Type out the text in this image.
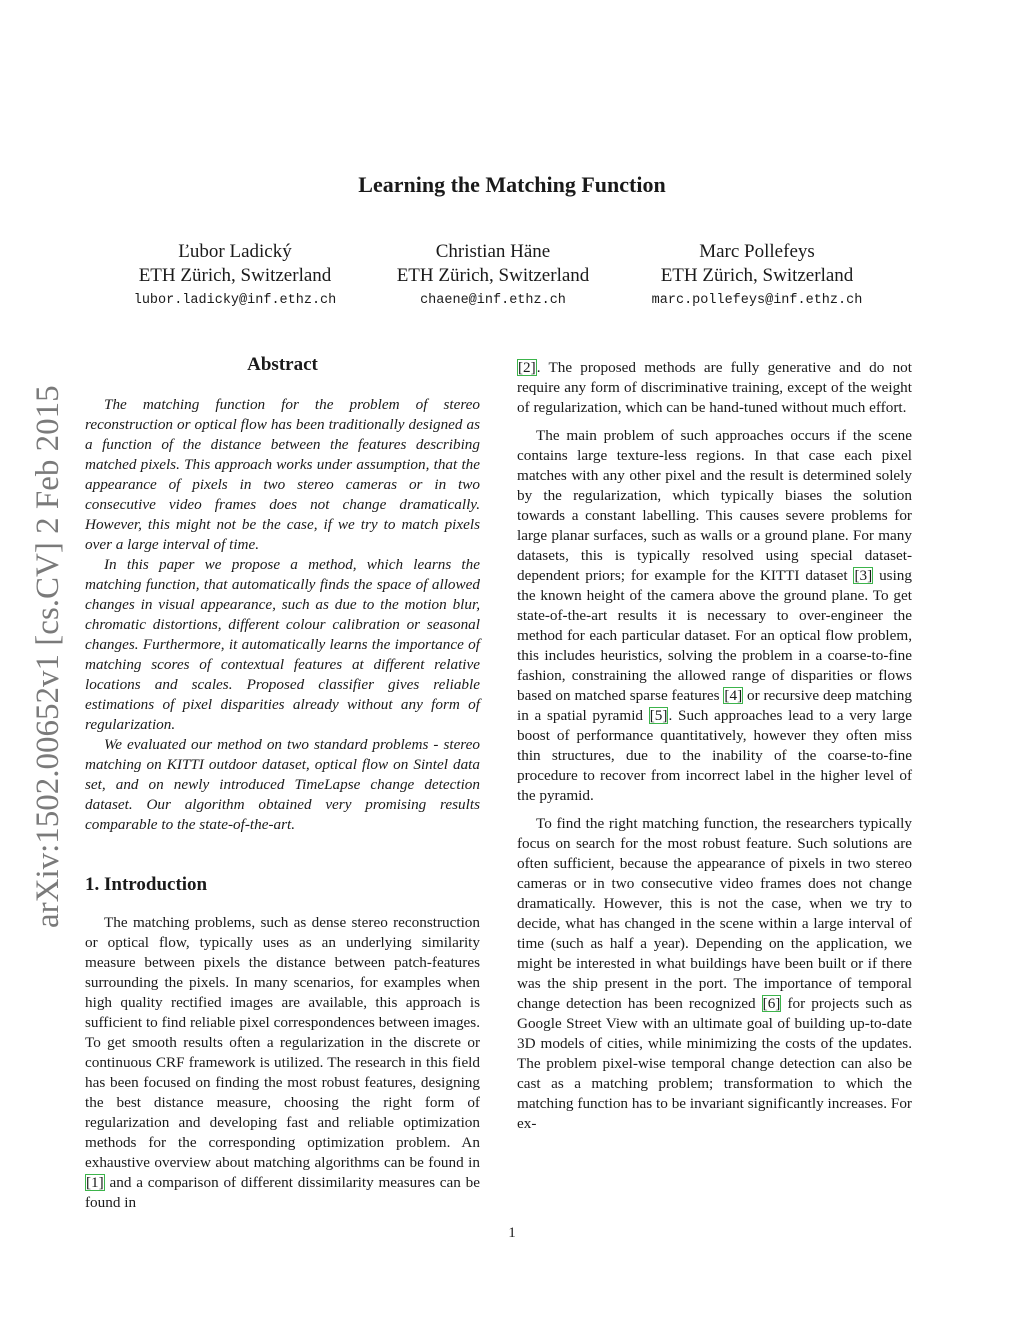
Learning the Matching Function
Ľubor Ladický
ETH Zürich, Switzerland
lubor.ladicky@inf.ethz.ch
Christian Häne
ETH Zürich, Switzerland
chaene@inf.ethz.ch
Marc Pollefeys
ETH Zürich, Switzerland
marc.pollefeys@inf.ethz.ch
arXiv:1502.00652v1 [cs.CV] 2 Feb 2015
Abstract

The matching function for the problem of stereo reconstruction or optical flow has been traditionally designed as a function of the distance between the features describing matched pixels. This approach works under assumption, that the appearance of pixels in two stereo cameras or in two consecutive video frames does not change dramatically. However, this might not be the case, if we try to match pixels over a large interval of time.

In this paper we propose a method, which learns the matching function, that automatically finds the space of allowed changes in visual appearance, such as due to the motion blur, chromatic distortions, different colour calibration or seasonal changes. Furthermore, it automatically learns the importance of matching scores of contextual features at different relative locations and scales. Proposed classifier gives reliable estimations of pixel disparities already without any form of regularization.

We evaluated our method on two standard problems - stereo matching on KITTI outdoor dataset, optical flow on Sintel data set, and on newly introduced TimeLapse change detection dataset. Our algorithm obtained very promising results comparable to the state-of-the-art.

1. Introduction

The matching problems, such as dense stereo reconstruction or optical flow, typically uses as an underlying similarity measure between pixels the distance between patch-features surrounding the pixels. In many scenarios, for examples when high quality rectified images are available, this approach is sufficient to find reliable pixel correspondences between images. To get smooth results often a regularization in the discrete or continuous CRF framework is utilized. The research in this field has been focused on finding the most robust features, designing the best distance measure, choosing the right form of regularization and developing fast and reliable optimization methods for the corresponding optimization problem. An exhaustive overview about matching algorithms can be found in [1] and a comparison of different dissimilarity measures can be found in

[2]. The proposed methods are fully generative and do not require any form of discriminative training, except of the weight of regularization, which can be hand-tuned without much effort.

The main problem of such approaches occurs if the scene contains large texture-less regions. In that case each pixel matches with any other pixel and the result is determined solely by the regularization, which typically biases the solution towards a constant labelling. This causes severe problems for large planar surfaces, such as walls or a ground plane. For many datasets, this is typically resolved using special dataset-dependent priors; for example for the KITTI dataset [3] using the known height of the camera above the ground plane. To get state-of-the-art results it is necessary to over-engineer the method for each particular dataset. For an optical flow problem, this includes heuristics, solving the problem in a coarse-to-fine fashion, constraining the allowed range of disparities or flows based on matched sparse features [4] or recursive deep matching in a spatial pyramid [5]. Such approaches lead to a very large boost of performance quantitatively, however they often miss thin structures, due to the inability of the coarse-to-fine procedure to recover from incorrect label in the higher level of the pyramid.

To find the right matching function, the researchers typically focus on search for the most robust feature. Such solutions are often sufficient, because the appearance of pixels in two stereo cameras or in two consecutive video frames does not change dramatically. However, this is not the case, when we try to decide, what has changed in the scene within a large interval of time (such as half a year). Depending on the application, we might be interested in what buildings have been built or if there was the ship present in the port. The importance of temporal change detection has been recognized [6] for projects such as Google Street View with an ultimate goal of building up-to-date 3D models of cities, while minimizing the costs of the updates. The problem pixel-wise temporal change detection can also be cast as a matching problem; transformation to which the matching function has to be invariant significantly increases. For ex-

1
